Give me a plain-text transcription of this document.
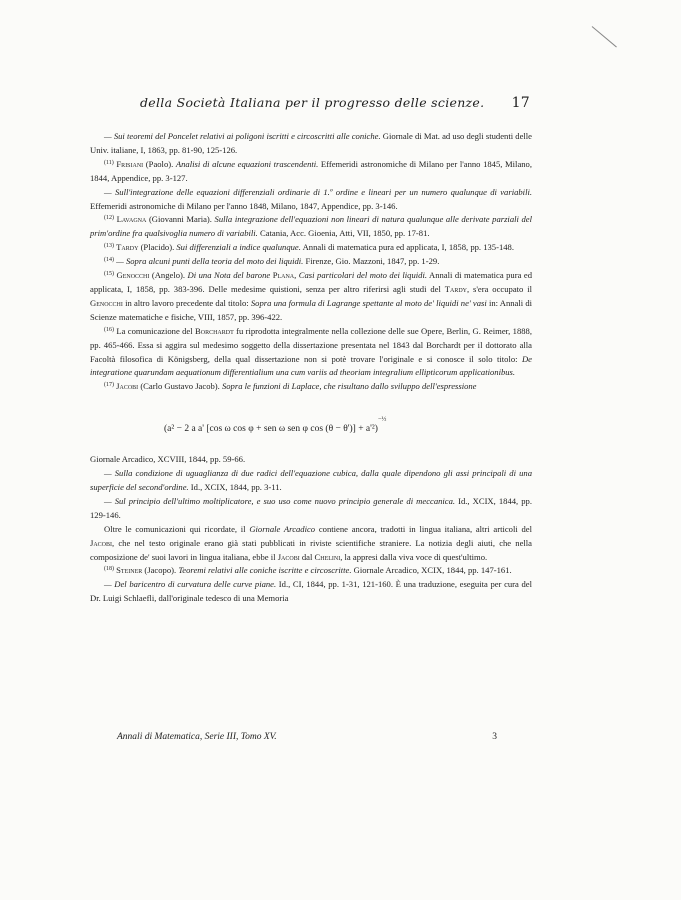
della Società Italiana per il progresso delle scienze. 17

— Sui teoremi del Poncelet relativi ai poligoni iscritti e circoscritti alle coniche. Giornale di Mat. ad uso degli studenti delle Univ. italiane, I, 1863, pp. 81-90, 125-126.

$^{(11)}$ Frisiani (Paolo). Analisi di alcune equazioni trascendenti. Effemeridi astronomiche di Milano per l'anno 1845, Milano, 1844, Appendice, pp. 3-127.

— Sull'integrazione delle equazioni differenziali ordinarie di 1.º ordine e lineari per un numero qualunque di variabili. Effemeridi astronomiche di Milano per l'anno 1848, Milano, 1847, Appendice, pp. 3-146.

$^{(12)}$ Lavagna (Giovanni Maria). Sulla integrazione dell'equazioni non lineari di natura qualunque alle derivate parziali del prim'ordine fra qualsivoglia numero di variabili. Catania, Acc. Gioenia, Atti, VII, 1850, pp. 17-81.

$^{(13)}$ Tardy (Placido). Sui differenziali a indice qualunque. Annali di matematica pura ed applicata, I, 1858, pp. 135-148.

$^{(14)}$ — Sopra alcuni punti della teoria del moto dei liquidi. Firenze, Gio. Mazzoni, 1847, pp. 1-29.

$^{(15)}$ Genocchi (Angelo). Di una Nota del barone Plana, Casi particolari del moto dei liquidi. Annali di matematica pura ed applicata, I, 1858, pp. 383-396. Delle medesime quistioni, senza per altro riferirsi agli studi del Tardy, s'era occupato il Genocchi in altro lavoro precedente dal titolo: Sopra una formula di Lagrange spettante al moto de' liquidi ne' vasi in: Annali di Scienze matematiche e fisiche, VIII, 1857, pp. 396-422.

$^{(16)}$ La comunicazione del Borchardt fu riprodotta integralmente nella collezione delle sue Opere, Berlin, G. Reimer, 1888, pp. 465-466. Essa si aggira sul medesimo soggetto della dissertazione presentata nel 1843 dal Borchardt per il dottorato alla Facoltà filosofica di Königsberg, della qual dissertazione non si potè trovare l'originale e si conosce il solo titolo: De integratione quarundam aequationum differentialium una cum variis ad theoriam integralium ellipticorum applicationibus.

$^{(17)}$ Jacobi (Carlo Gustavo Jacob). Sopra le funzioni di Laplace, che risultano dallo sviluppo dell'espressione

(a² − 2 a a' [cos ω cos φ + sen ω sen φ cos (θ − θ')] + a'²)$^{-\frac{1}{2}}$

Giornale Arcadico, XCVIII, 1844, pp. 59-66.

— Sulla condizione di uguaglianza di due radici dell'equazione cubica, dalla quale dipendono gli assi principali di una superficie del second'ordine. Id., XCIX, 1844, pp. 3-11.

— Sul principio dell'ultimo moltiplicatore, e suo uso come nuovo principio generale di meccanica. Id., XCIX, 1844, pp. 129-146.

Oltre le comunicazioni qui ricordate, il Giornale Arcadico contiene ancora, tradotti in lingua italiana, altri articoli del Jacobi, che nel testo originale erano già stati pubblicati in riviste scientifiche straniere. La notizia degli aiuti, che nella composizione de' suoi lavori in lingua italiana, ebbe il Jacobi dal Chelini, la appresi dalla viva voce di quest'ultimo.

$^{(18)}$ Steiner (Jacopo). Teoremi relativi alle coniche iscritte e circoscritte. Giornale Arcadico, XCIX, 1844, pp. 147-161.

— Del baricentro di curvatura delle curve piane. Id., CI, 1844, pp. 1-31, 121-160. È una traduzione, eseguita per cura del Dr. Luigi Schlaefli, dall'originale tedesco di una Memoria

Annali di Matematica, Serie III, Tomo XV.	3
